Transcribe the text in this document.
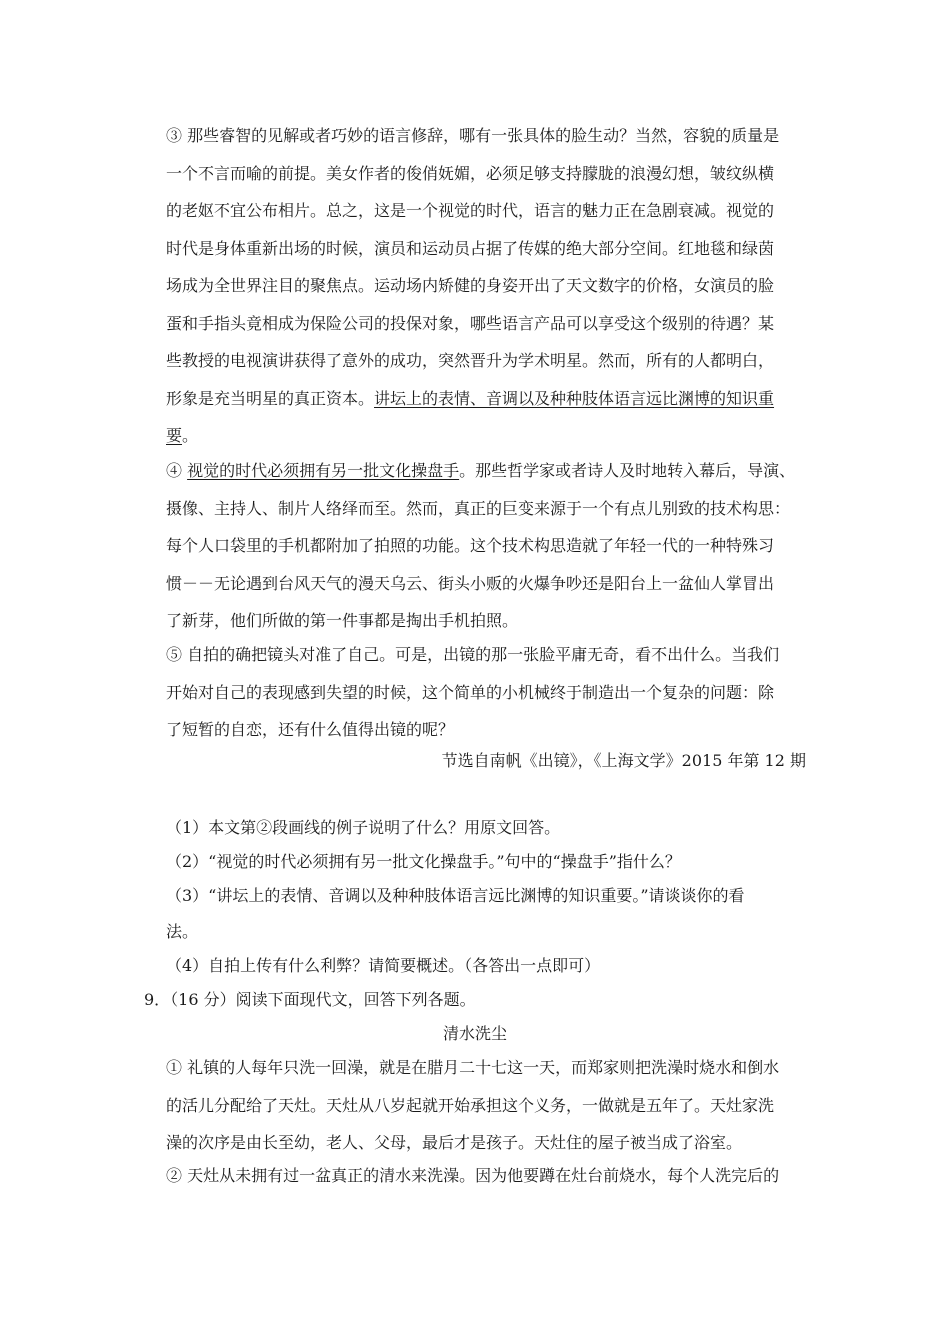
③ 那些睿智的见解或者巧妙的语言修辞，哪有一张具体的脸生动？当然，容貌的质量是
一个不言而喻的前提。美女作者的俊俏妩媚，必须足够支持朦胧的浪漫幻想，皱纹纵横
的老妪不宜公布相片。总之，这是一个视觉的时代，语言的魅力正在急剧衰减。视觉的
时代是身体重新出场的时候，演员和运动员占据了传媒的绝大部分空间。红地毯和绿茵
场成为全世界注目的聚焦点。运动场内矫健的身姿开出了天文数字的价格，女演员的脸
蛋和手指头竟相成为保险公司的投保对象，哪些语言产品可以享受这个级别的待遇？某
些教授的电视演讲获得了意外的成功，突然晋升为学术明星。然而，所有的人都明白，
形象是充当明星的真正资本。讲坛上的表情、音调以及种种肢体语言远比渊博的知识重
要。
④ 视觉的时代必须拥有另一批文化操盘手。那些哲学家或者诗人及时地转入幕后，导演、
摄像、主持人、制片人络绎而至。然而，真正的巨变来源于一个有点儿别致的技术构思：
每个人口袋里的手机都附加了拍照的功能。这个技术构思造就了年轻一代的一种特殊习
惯－－无论遇到台风天气的漫天乌云、街头小贩的火爆争吵还是阳台上一盆仙人掌冒出
了新芽，他们所做的第一件事都是掏出手机拍照。
⑤ 自拍的确把镜头对准了自己。可是，出镜的那一张脸平庸无奇，看不出什么。当我们
开始对自己的表现感到失望的时候，这个简单的小机械终于制造出一个复杂的问题：除
了短暂的自恋，还有什么值得出镜的呢？
节选自南帆《出镜》，《上海文学》2015 年第 12 期
（1）本文第②段画线的例子说明了什么？用原文回答。
（2）“视觉的时代必须拥有另一批文化操盘手。”句中的“操盘手”指什么？
（3）“讲坛上的表情、音调以及种种肢体语言远比渊博的知识重要。”请谈谈你的看
法。
（4）自拍上传有什么利弊？请简要概述。（各答出一点即可）
9．（16 分）阅读下面现代文，回答下列各题。
清水洗尘
① 礼镇的人每年只洗一回澡，就是在腊月二十七这一天，而郑家则把洗澡时烧水和倒水
的活儿分配给了天灶。天灶从八岁起就开始承担这个义务，一做就是五年了。天灶家洗
澡的次序是由长至幼，老人、父母，最后才是孩子。天灶住的屋子被当成了浴室。
② 天灶从未拥有过一盆真正的清水来洗澡。因为他要蹲在灶台前烧水，每个人洗完后的
